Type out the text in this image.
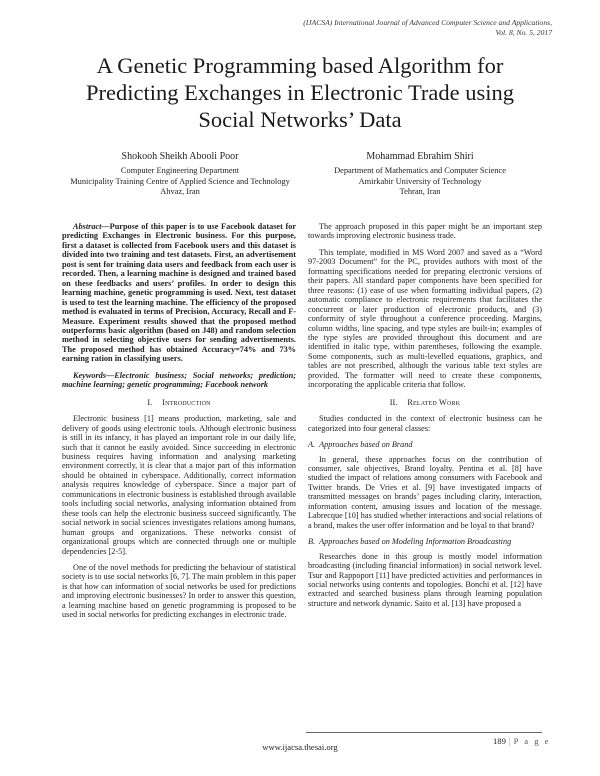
(IJACSA) International Journal of Advanced Computer Science and Applications,
Vol. 8, No. 5, 2017
A Genetic Programming based Algorithm for Predicting Exchanges in Electronic Trade using Social Networks’ Data
Shokooh Sheikh Abooli Poor
Computer Engineering Department
Municipality Training Centre of Applied Science and Technology
Ahvaz, Iran
Mohammad Ebrahim Shiri
Department of Mathematics and Computer Science
Amirkabir University of Technology
Tehran, Iran

Abstract—Purpose of this paper is to use Facebook dataset for predicting Exchanges in Electronic business. For this purpose, first a dataset is collected from Facebook users and this dataset is divided into two training and test datasets. First, an advertisement post is sent for training data users and feedback from each user is recorded. Then, a learning machine is designed and trained based on these feedbacks and users’ profiles. In order to design this learning machine, genetic programming is used. Next, test dataset is used to test the learning machine. The efficiency of the proposed method is evaluated in terms of Precision, Accuracy, Recall and F-Measure. Experiment results showed that the proposed method outperforms basic algorithm (based on J48) and random selection method in selecting objective users for sending advertisements. The proposed method has obtained Accuracy=74% and 73% earning ration in classifying users.

Keywords—Electronic business; Social networks; prediction; machine learning; genetic programming; Facebook network

I. Introduction

Electronic business [1] means production, marketing, sale and delivery of goods using electronic tools. Although electronic business is still in its infancy, it has played an important role in our daily life, such that it cannot be easily avoided. Since succeeding in electronic business requires having information and analysing marketing environment correctly, it is clear that a major part of this information should be obtained in cyberspace. Additionally, correct information analysis requires knowledge of cyberspace. Since a major part of communications in electronic business is established through available tools including social networks, analysing information obtained from these tools can help the electronic business succeed significantly. The social network in social sciences investigates relations among humans, human groups and organizations. These networks consist of organizational groups which are connected through one or multiple dependencies [2-5].

One of the novel methods for predicting the behaviour of statistical society is to use social networks [6, 7]. The main problem in this paper is that how can information of social networks be used for predictions and improving electronic businesses? In order to answer this question, a learning machine based on genetic programming is proposed to be used in social networks for predicting exchanges in electronic trade.

The approach proposed in this paper might be an important step towards improving electronic business trade.

This template, modified in MS Word 2007 and saved as a “Word 97-2003 Document” for the PC, provides authors with most of the formatting specifications needed for preparing electronic versions of their papers. All standard paper components have been specified for three reasons: (1) ease of use when formatting individual papers, (2) automatic compliance to electronic requirements that facilitates the concurrent or later production of electronic products, and (3) conformity of style throughout a conference proceeding. Margins, column widths, line spacing, and type styles are built-in; examples of the type styles are provided throughout this document and are identified in italic type, within parentheses, following the example. Some components, such as multi-levelled equations, graphics, and tables are not prescribed, although the various table text styles are provided. The formatter will need to create these components, incorporating the applicable criteria that follow.

II. Related Work

Studies conducted in the context of electronic business can be categorized into four general classes:

A. Approaches based on Brand

In general, these approaches focus on the contribution of consumer, sale objectives, Brand loyalty. Pentina et al. [8] have studied the impact of relations among consumers with Facebook and Twitter brands. De Vries et al. [9] have investigated impacts of transmitted messages on brands’ pages including clarity, interaction, information content, amusing issues and location of the message. Labrecque [10] has studied whether interactions and social relations of a brand, makes the user offer information and be loyal to that brand?

B. Approaches based on Modeling Information Broadcasting

Researches done in this group is mostly model information broadcasting (including financial information) in social network level. Tsur and Rappoport [11] have predicted activities and performances in social networks using contents and topologies. Bonchi et al. [12] have extracted and searched business plans through learning population structure and network dynamic. Saito et al. [13] have proposed a

189 | P a g e
www.ijacsa.thesai.org
